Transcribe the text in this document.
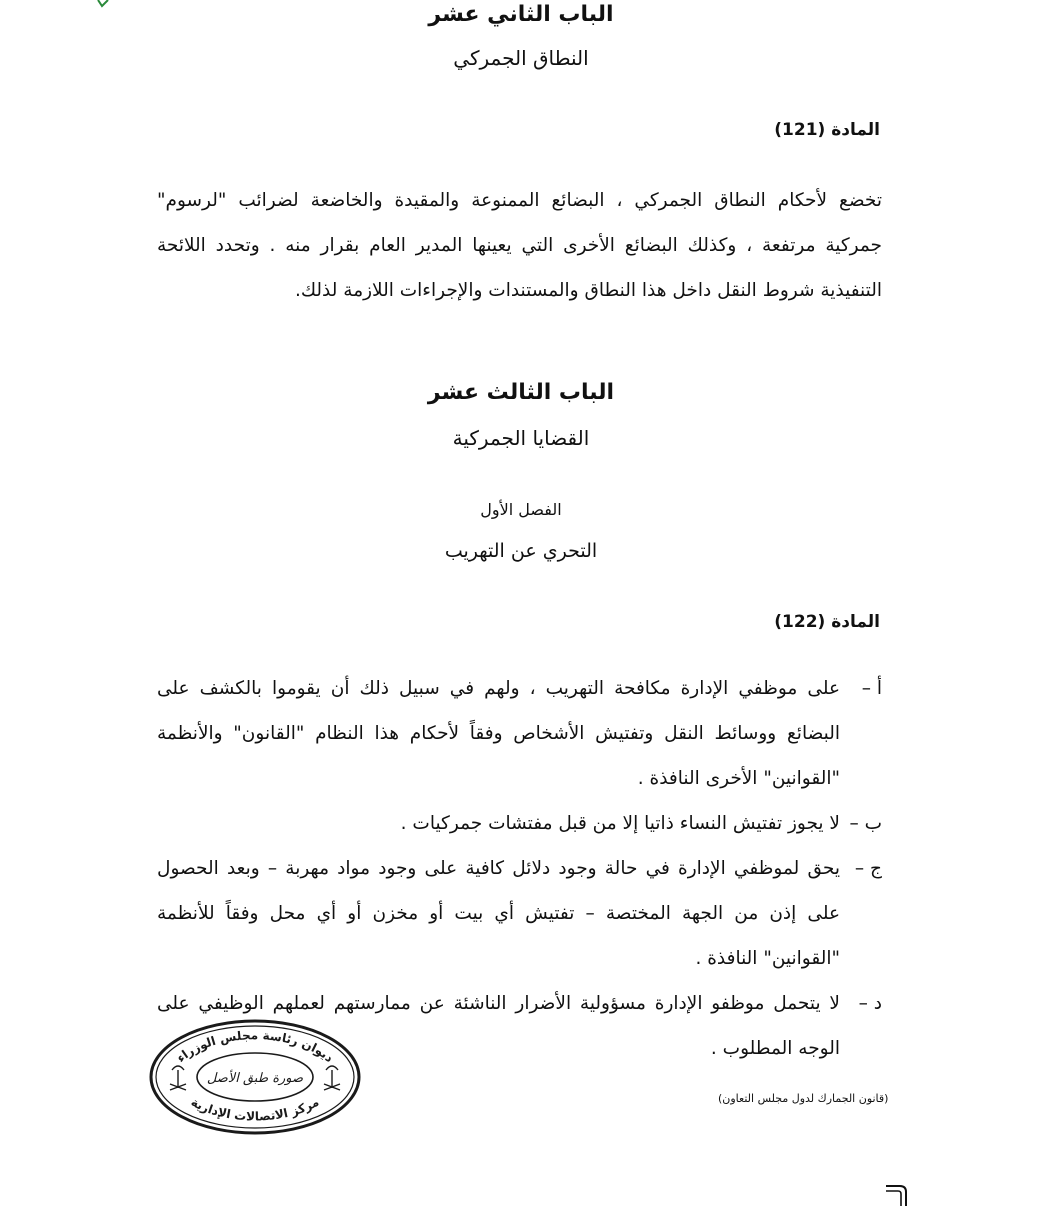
الباب الثاني عشر

النطاق الجمركي

المادة (121)

تخضع لأحكام النطاق الجمركي ، البضائع الممنوعة والمقيدة والخاضعة لضرائب "لرسوم" جمركية مرتفعة ، وكذلك البضائع الأخرى التي يعينها المدير العام بقرار منه . وتحدد اللائحة التنفيذية شروط النقل داخل هذا النطاق والمستندات والإجراءات اللازمة لذلك.

الباب الثالث عشر

القضايا الجمركية

الفصل الأول

التحري عن التهريب

المادة (122)

أ –
على موظفي الإدارة مكافحة التهريب ، ولهم في سبيل ذلك أن يقوموا بالكشف على البضائع ووسائط النقل وتفتيش الأشخاص وفقاً لأحكام هذا النظام "القانون" والأنظمة "القوانين" الأخرى النافذة .
ب –
لا يجوز تفتيش النساء ذاتيا إلا من قبل مفتشات جمركيات .
ج –
يحق لموظفي الإدارة في حالة وجود دلائل كافية على وجود مواد مهربة – وبعد الحصول على إذن من الجهة المختصة – تفتيش أي بيت أو مخزن أو أي محل وفقاً للأنظمة "القوانين" النافذة .
د –
لا يتحمل موظفو الإدارة مسؤولية الأضرار الناشئة عن ممارستهم لعملهم الوظيفي على الوجه المطلوب .

(قانون الجمارك لدول مجلس التعاون)

ديوان رئاسة مجلس الوزراء
مركز الاتصالات الإدارية
صورة طبق الأصل
